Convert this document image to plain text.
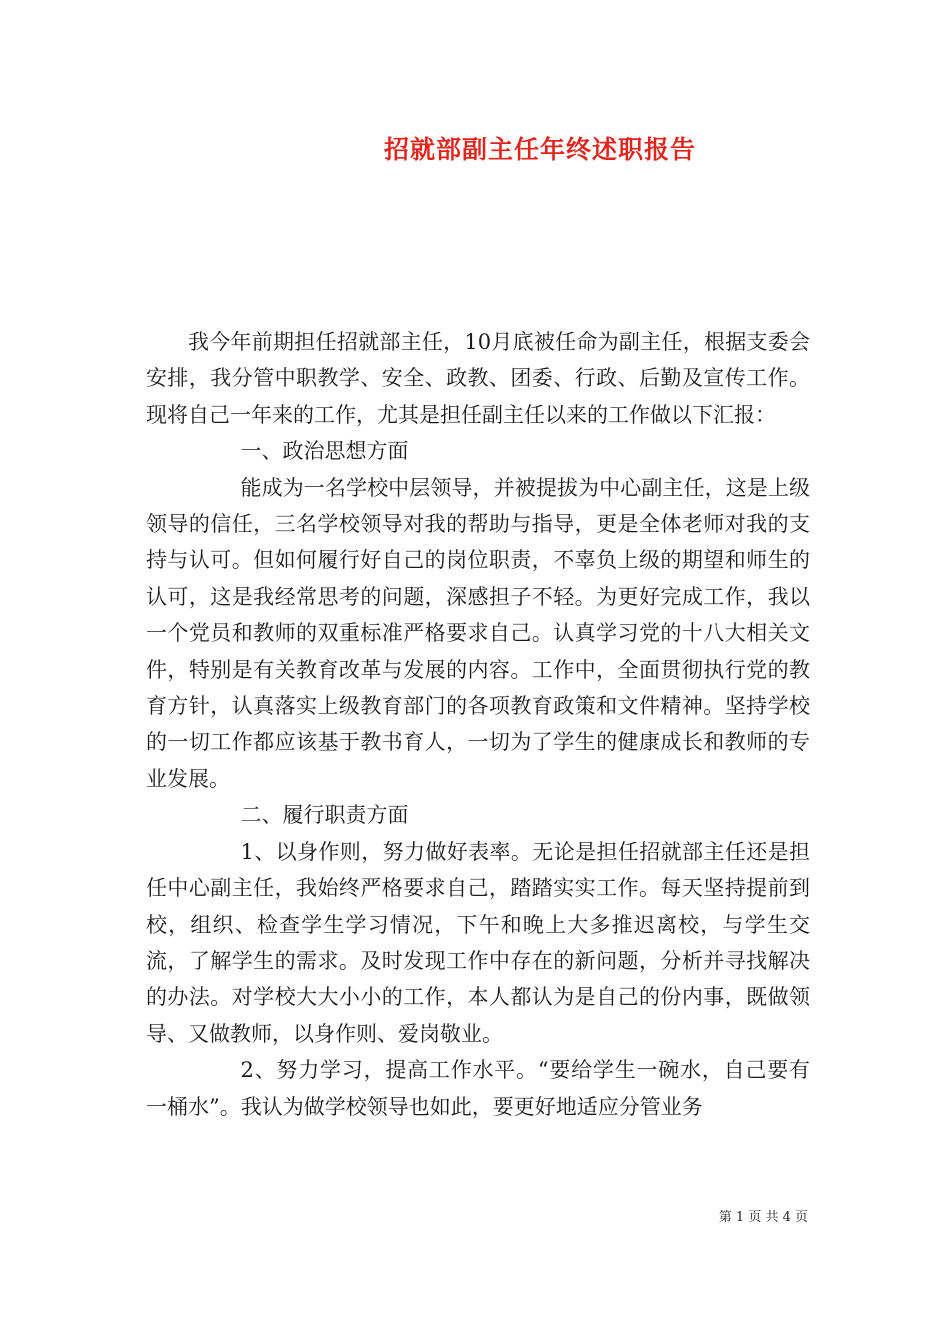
招就部副主任年终述职报告

我今年前期担任招就部主任，10月底被任命为副主任，根据支委会安排，我分管中职教学、安全、政教、团委、行政、后勤及宣传工作。现将自己一年来的工作，尤其是担任副主任以来的工作做以下汇报：

一、政治思想方面

能成为一名学校中层领导，并被提拔为中心副主任，这是上级领导的信任，三名学校领导对我的帮助与指导，更是全体老师对我的支持与认可。但如何履行好自己的岗位职责，不辜负上级的期望和师生的认可，这是我经常思考的问题，深感担子不轻。为更好完成工作，我以一个党员和教师的双重标准严格要求自己。认真学习党的十八大相关文件，特别是有关教育改革与发展的内容。工作中，全面贯彻执行党的教育方针，认真落实上级教育部门的各项教育政策和文件精神。坚持学校的一切工作都应该基于教书育人，一切为了学生的健康成长和教师的专业发展。

二、履行职责方面

1、以身作则，努力做好表率。无论是担任招就部主任还是担任中心副主任，我始终严格要求自己，踏踏实实工作。每天坚持提前到校，组织、检查学生学习情况，下午和晚上大多推迟离校，与学生交流，了解学生的需求。及时发现工作中存在的新问题，分析并寻找解决的办法。对学校大大小小的工作，本人都认为是自己的份内事，既做领导、又做教师，以身作则、爱岗敬业。

2、努力学习，提高工作水平。“要给学生一碗水，自己要有一桶水”。我认为做学校领导也如此，要更好地适应分管业务

第 1 页 共 4 页
